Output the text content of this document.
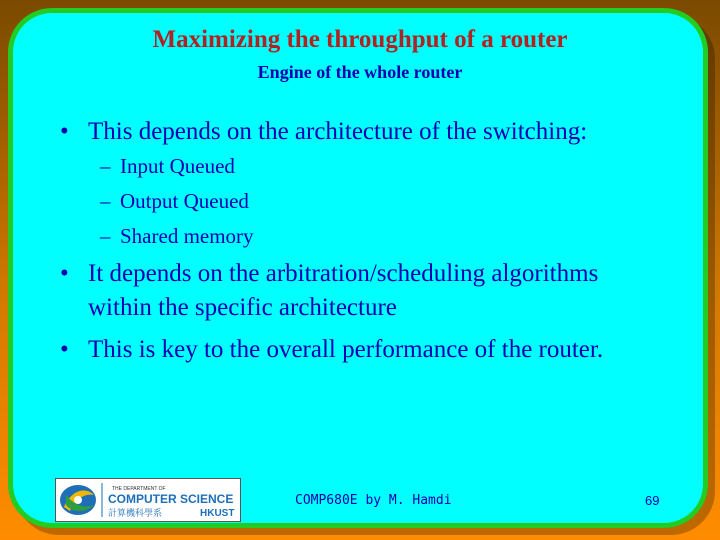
Maximizing the throughput of a router
Engine of the whole router
• This depends on the architecture of the switching:
– Input Queued
– Output Queued
– Shared memory
• It depends on the arbitration/scheduling algorithms
within the specific architecture
• This is key to the overall performance of the router.
THE DEPARTMENT OF
COMPUTER SCIENCE
計算機科學系	HKUST
COMP680E by M. Hamdi	69
